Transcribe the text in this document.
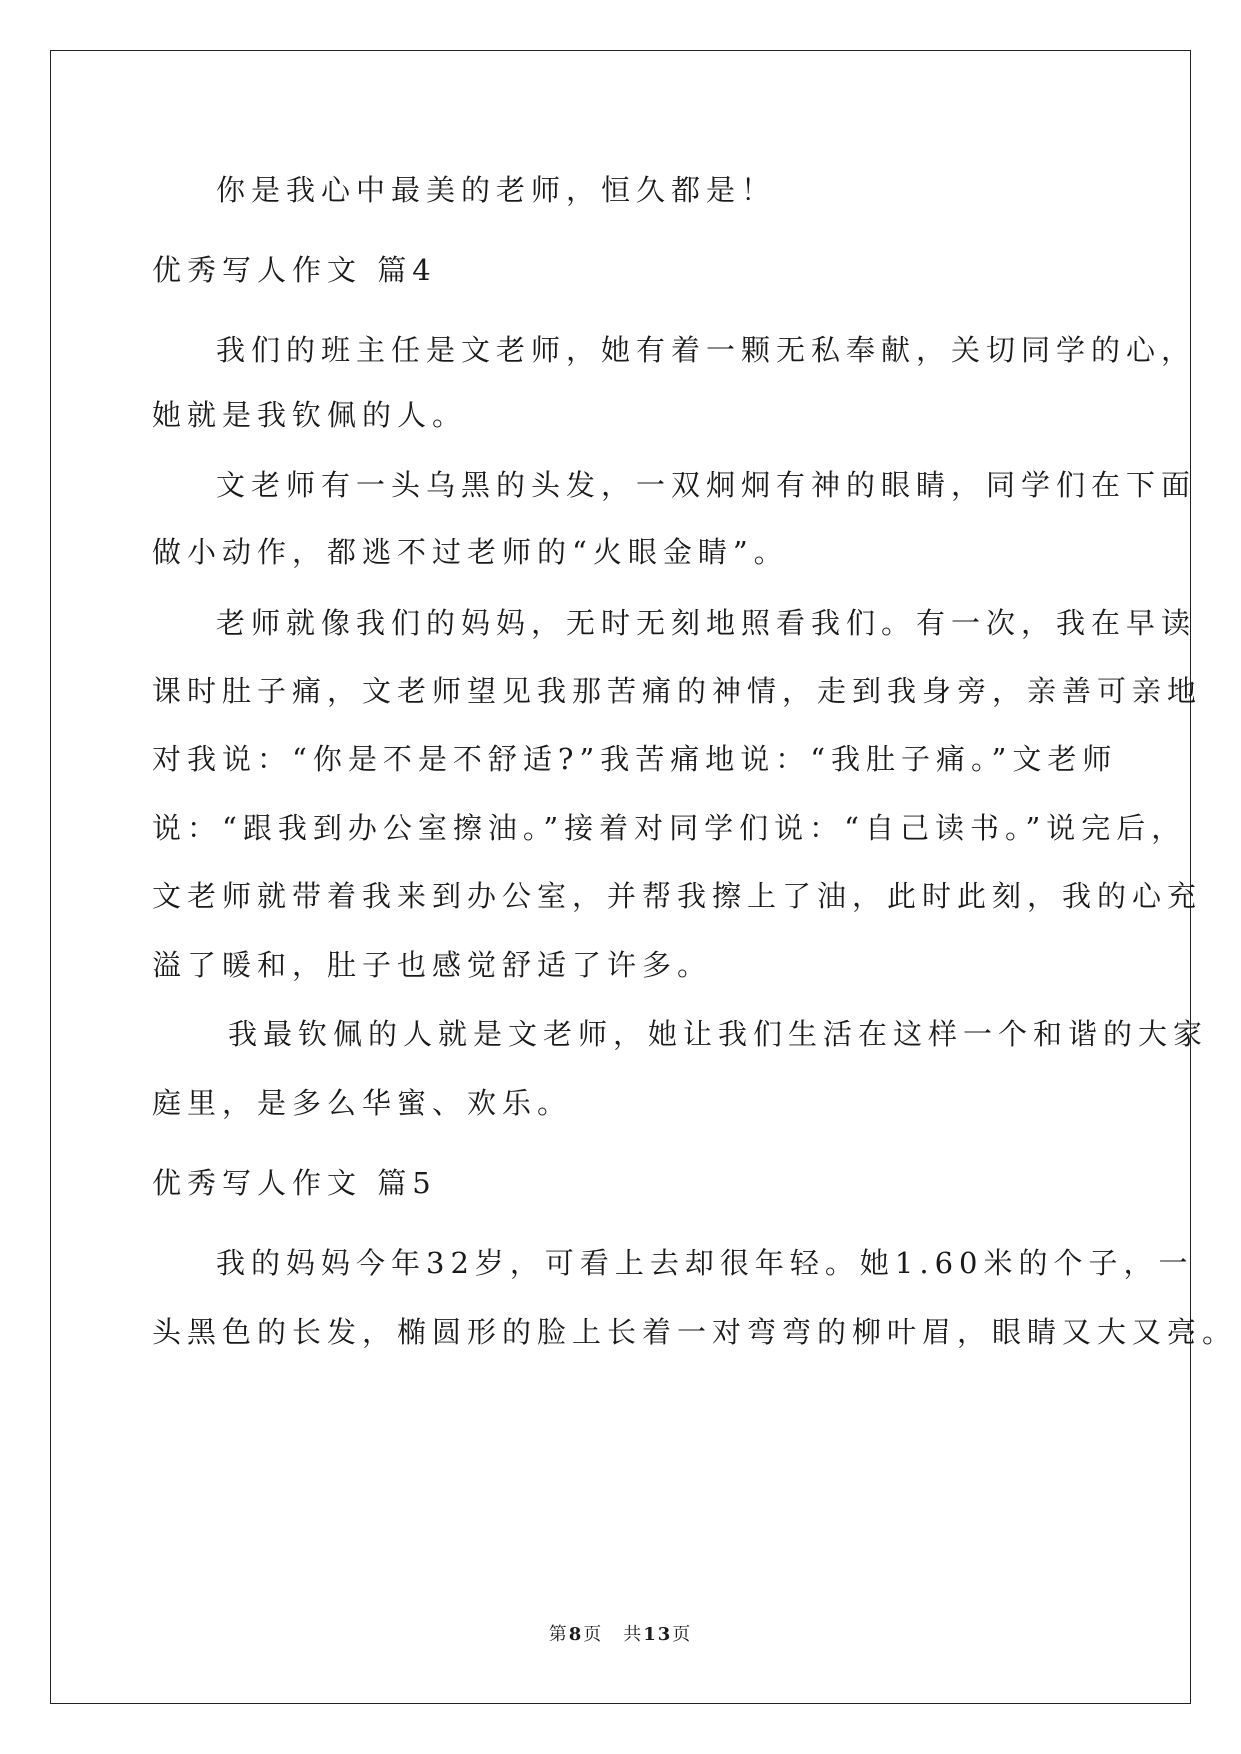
你是我心中最美的老师，恒久都是！
优秀写人作文 篇4
我们的班主任是文老师，她有着一颗无私奉献，关切同学的心，
她就是我钦佩的人。
文老师有一头乌黑的头发，一双炯炯有神的眼睛，同学们在下面
做小动作，都逃不过老师的“火眼金睛”。
老师就像我们的妈妈，无时无刻地照看我们。有一次，我在早读
课时肚子痛，文老师望见我那苦痛的神情，走到我身旁，亲善可亲地
对我说：“你是不是不舒适?”我苦痛地说：“我肚子痛。”文老师
说：“跟我到办公室擦油。”接着对同学们说：“自己读书。”说完后，
文老师就带着我来到办公室，并帮我擦上了油，此时此刻，我的心充
溢了暖和，肚子也感觉舒适了许多。
我最钦佩的人就是文老师，她让我们生活在这样一个和谐的大家
庭里，是多么华蜜、欢乐。
优秀写人作文 篇5
我的妈妈今年32岁，可看上去却很年轻。她1.60米的个子，一
头黑色的长发，椭圆形的脸上长着一对弯弯的柳叶眉，眼睛又大又亮。
第8页　共13页
